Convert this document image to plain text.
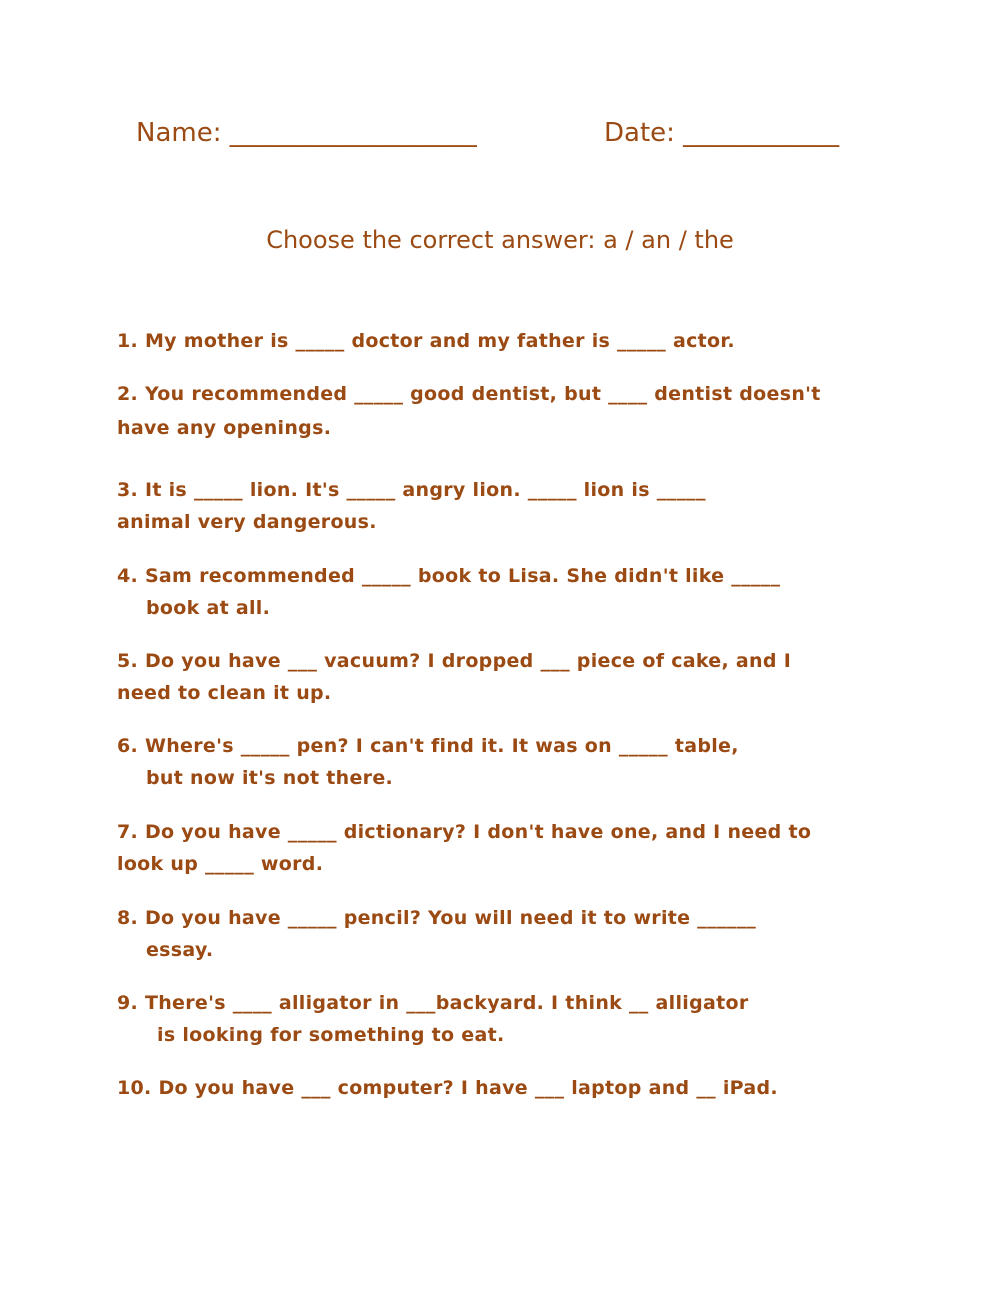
Name: ___________________	Date: ____________
Choose the correct answer: a / an / the
1. My mother is _____ doctor and my father is _____ actor.
2. You recommended _____ good dentist, but ____ dentist doesn't
have any openings.
3. It is _____ lion. It's _____ angry lion. _____ lion is _____
animal very dangerous.
4. Sam recommended _____ book to Lisa. She didn't like _____
book at all.
5. Do you have ___ vacuum? I dropped ___ piece of cake, and I
need to clean it up.
6. Where's _____ pen? I can't find it. It was on _____ table,
but now it's not there.
7. Do you have _____ dictionary? I don't have one, and I need to
look up _____ word.
8. Do you have _____ pencil? You will need it to write ______
essay.
9. There's ____ alligator in ___backyard. I think __ alligator
is looking for something to eat.
10. Do you have ___ computer? I have ___ laptop and __ iPad.
